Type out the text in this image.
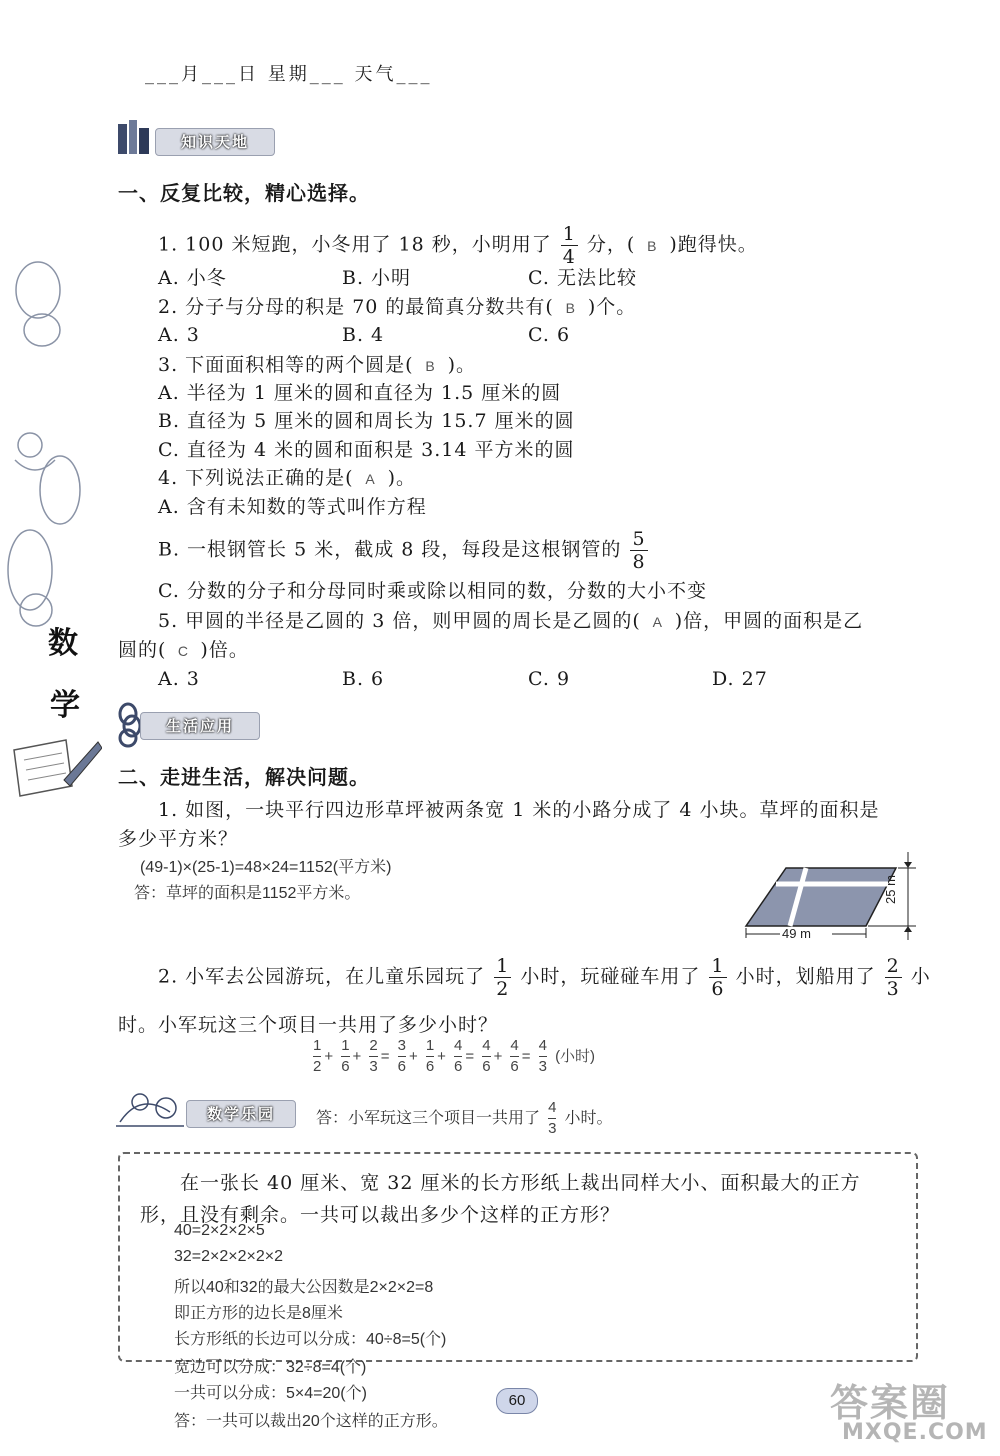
___月___日 星期___ 天气___
数
学
知识天地
一、反复比较，精心选择。
1. 100 米短跑，小冬用了 18 秒，小明用了 $\frac{1}{4}$ 分，( B )跑得快。
A. 小冬	B. 小明	C. 无法比较
2. 分子与分母的积是 70 的最简真分数共有( B )个。
A. 3	B. 4	C. 6
3. 下面面积相等的两个圆是( B )。
A. 半径为 1 厘米的圆和直径为 1.5 厘米的圆
B. 直径为 5 厘米的圆和周长为 15.7 厘米的圆
C. 直径为 4 米的圆和面积是 3.14 平方米的圆
4. 下列说法正确的是( A )。
A. 含有未知数的等式叫作方程
B. 一根钢管长 5 米，截成 8 段，每段是这根钢管的 $\frac{5}{8}$
C. 分数的分子和分母同时乘或除以相同的数，分数的大小不变
5. 甲圆的半径是乙圆的 3 倍，则甲圆的周长是乙圆的( A )倍，甲圆的面积是乙
圆的( C )倍。
A. 3	B. 6	C. 9	D. 27
生活应用
二、走进生活，解决问题。
1. 如图，一块平行四边形草坪被两条宽 1 米的小路分成了 4 小块。草坪的面积是
多少平方米？
(49-1)×(25-1)=48×24=1152(平方米)
答：草坪的面积是1152平方米。
49 m
25 m
2. 小军去公园游玩，在儿童乐园玩了 $\frac{1}{2}$ 小时，玩碰碰车用了 $\frac{1}{6}$ 小时，划船用了 $\frac{2}{3}$ 小
时。小军玩这三个项目一共用了多少小时？
$\frac{1}{2} + \frac{1}{6} + \frac{2}{3} = \frac{3}{6} + \frac{1}{6} + \frac{4}{6} = \frac{4}{6} + \frac{4}{6} = \frac{4}{3}$ (小时)
数学乐园	答：小军玩这三个项目一共用了 $\frac{4}{3}$ 小时。
在一张长 40 厘米、宽 32 厘米的长方形纸上裁出同样大小、面积最大的正方
形，且没有剩余。一共可以裁出多少个这样的正方形？
40=2×2×2×5
32=2×2×2×2×2
所以40和32的最大公因数是2×2×2=8
即正方形的边长是8厘米
长方形纸的长边可以分成：40÷8=5(个)
宽边可以分成：32÷8=4(个)
一共可以分成：5×4=20(个)
答：一共可以裁出20个这样的正方形。
60	答案圈
MXQE.COM
